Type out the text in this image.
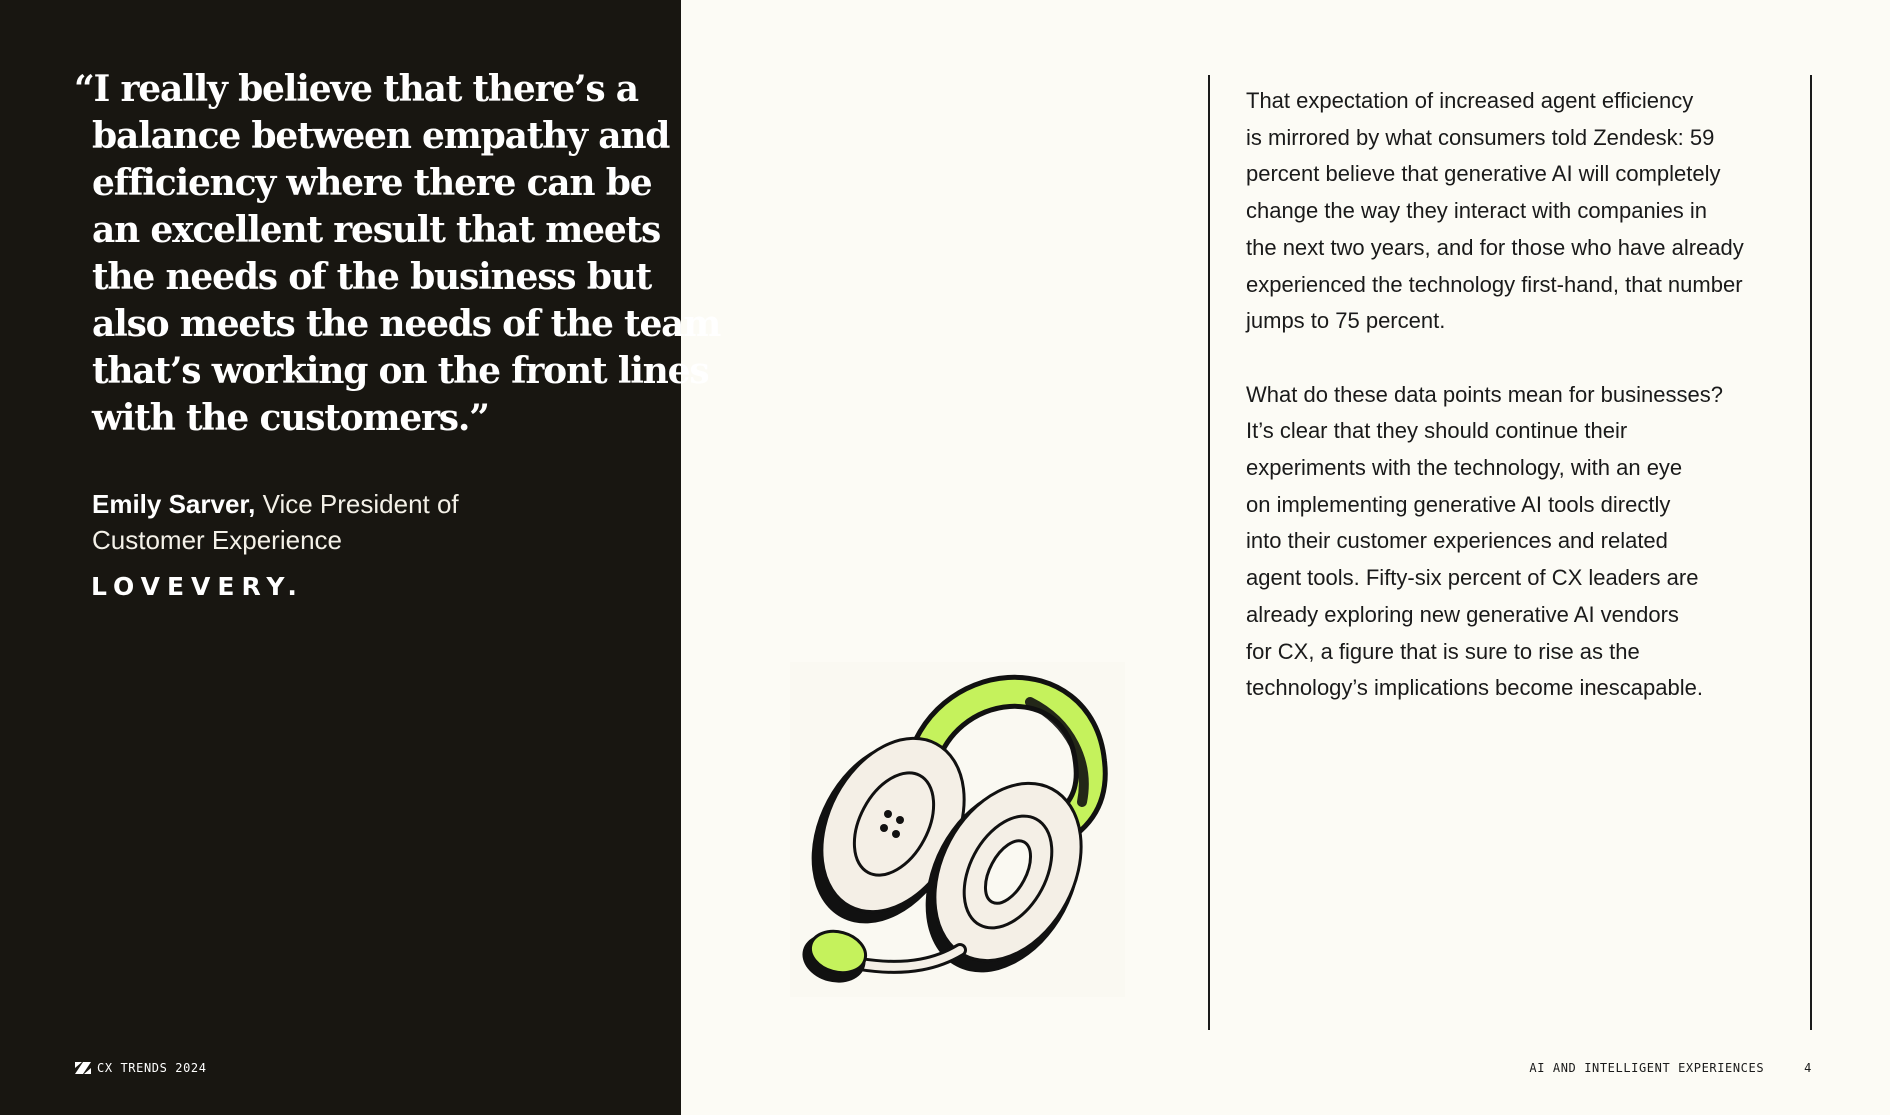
“I really believe that there’s a
balance between empathy and
efficiency where there can be
an excellent result that meets
the needs of the business but
also meets the needs of the team
that’s working on the front lines
with the customers.”
Emily Sarver, Vice President of
Customer Experience
LOVEVERY.
CX TRENDS 2024

That expectation of increased agent efficiency
is mirrored by what consumers told Zendesk: 59
percent believe that generative AI will completely
change the way they interact with companies in
the next two years, and for those who have already
experienced the technology first-hand, that number
jumps to 75 percent.

What do these data points mean for businesses?
It’s clear that they should continue their
experiments with the technology, with an eye
on implementing generative AI tools directly
into their customer experiences and related
agent tools. Fifty-six percent of CX leaders are
already exploring new generative AI vendors
for CX, a figure that is sure to rise as the
technology’s implications become inescapable.

AI AND INTELLIGENT EXPERIENCES	4
